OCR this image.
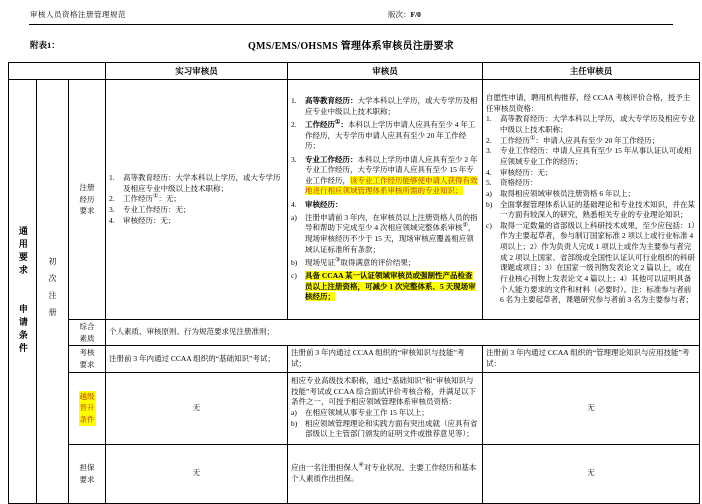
审核人员资格注册管理规范	版次：F/0
QMS/EMS/OHSMS 管理体系审核员注册要求
附表1：
			实习审核员	审核员	主任审核员

通用要求
申请条件

初次注册

注册经历要求

1.	高等教育经历：大学本科以上学历，或大专学历及相应专业中级以上技术职称；
2.	工作经历①：无；
3.	专业工作经历：无；
4.	审核经历：无；

1.	高等教育经历：大学本科以上学历，或大专学历及相应专业中级以上技术职称；
2.	工作经历①：本科以上学历申请人应具有至少 4 年工作经历，大专学历申请人应具有至少 20 年工作经历；
3.	专业工作经历：本科以上学历申请人应具有至少 2 年专业工作经历，大专学历申请人应具有至少 15 年专业工作经历，该专业工作经历能够使申请人获得有效地进行相应领域管理体系审核所需的专业知识；
4.	审核经历：
a)	注册申请前 3 年内，在审核员以上注册资格人员的指导和帮助下完成至少 4 次相应领域完整体系审核②，现场审核经历不少于 15 天，现场审核应覆盖相应领域认证标准所有条款；
b)	现场见证③取得满意的评价结果；
c)	具备 CCAA 某一认证领域审核员或强制性产品检查员以上注册资格，可减少 1 次完整体系、5 天现场审核经历；

自愿性申请，聘用机构推荐，经 CCAA 考核评价合格，授予主任审核员资格：
1.	高等教育经历：大学本科以上学历，或大专学历及相应专业中级以上技术职称；
2.	工作经历①：申请人应具有至少 20 年工作经历；
3.	专业工作经历：申请人应具有至少 15 年从事认证认可或相应领域专业工作的经历；
4.	审核经历：无；
5.	资格经历：
a)	取得相应领域审核员注册资格 6 年以上；
b)	全面掌握管理体系认证的基础理论和专业技术知识，并在某一方面有较深入的研究，熟悉相关专业的专业理论知识；
c)	取得一定数量的省部级以上科研技术成果，至少应包括：1）作为主要起草者，参与制订国家标准 2 项以上或行业标准 4 项以上；2）作为负责人完成 1 项以上或作为主要参与者完成 2 项以上国家、省部级或全国性认证认可行业组织的科研课题或项目；3）在国家一级刊物发表论文 2 篇以上，或在行业核心刊物上发表论文 4 篇以上；4）其他可以证明具备个人能力要求的文件和材料（必要时）。注：标准参与者前 6 名为主要起草者，课题研究参与者前 3 名为主要参与者；

		综合素质	个人素质、审核原则、行为规范要求见注册准则；		

		考核要求	注册前 3 年内通过 CCAA 组织的“基础知识”考试；	注册前 3 年内通过 CCAA 组织的“审核知识与技能”考试；	注册前 3 年内通过 CCAA 组织的“管理理论知识与应用技能”考试：

		越级晋升条件	无	相应专业高级技术职称，通过“基础知识”和“审核知识与技能”考试或 CCAA 综合面试评价考核合格，并满足以下条件之一，可授予相应领域管理体系审核员资格：
a) 在相应领域从事专业工作 15 年以上；
b) 相应领域管理理论和实践方面有突出成就（应具有省部级以上主管部门颁发的证明文件或推荐意见等）；	无

		担保要求	无	应由一名注册担保人④对专业状况、主要工作经历和基本个人素质作出担保。	无
